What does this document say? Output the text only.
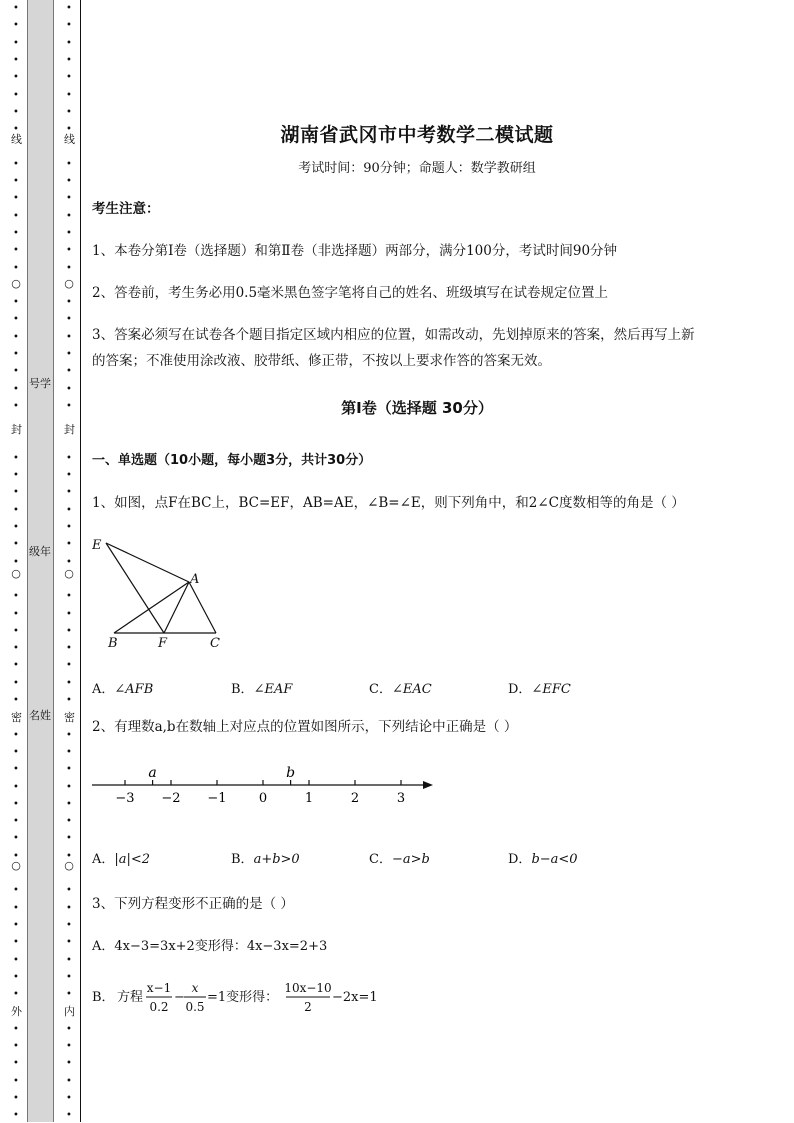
•
•
•
•
•
•
•
•
•
•
•
•
•
•
•
•
•
•
•
•
•
•
•
•
•
•
•
•
•
•
•
•
•
•
•
•
•
•
•
•
•
•
•
•
•
•
•
•
•
•
•
•
•
•
•
•
•
线
○
封
○
密
○
外
•
•
•
•
•
•
•
•
•
•
•
•
•
•
•
•
•
•
•
•
•
•
•
•
•
•
•
•
•
•
•
•
•
•
•
•
•
•
•
•
•
•
•
•
•
•
•
•
•
•
•
•
•
•
•
•
•
线
○
封
○
密
○
内
号学
级年
名姓
湖南省武冈市中考数学二模试题
考试时间：90分钟；命题人：数学教研组
考生注意：
1、本卷分第I卷（选择题）和第Ⅱ卷（非选择题）两部分，满分100分，考试时间90分钟
2、答卷前，考生务必用0.5毫米黑色签字笔将自己的姓名、班级填写在试卷规定位置上
3、答案必须写在试卷各个题目指定区域内相应的位置，如需改动，先划掉原来的答案，然后再写上新
的答案；不准使用涂改液、胶带纸、修正带，不按以上要求作答的答案无效。
第I卷（选择题 30分）
一、单选题（10小题，每小题3分，共计30分）
1、如图，点F在BC上，BC=EF，AB=AE，∠B=∠E，则下列角中，和2∠C度数相等的角是（ ）
E
A
B	F	C
A．∠AFB	B．∠EAF	C．∠EAC	D．∠EFC
2、有理数a,b在数轴上对应点的位置如图所示，下列结论中正确是（ ）
−3 −2 −1 0	1	2	3
a	b
A．|a|<2	B．a+b>0	C．−a>b	D．b−a<0
3、下列方程变形不正确的是（ ）
A．4x−3=3x+2变形得：4x−3x=2+3
B． 方程
x−1
0.2
−
x
0.5
=1变形得：
10x−10
2
−2x=1
